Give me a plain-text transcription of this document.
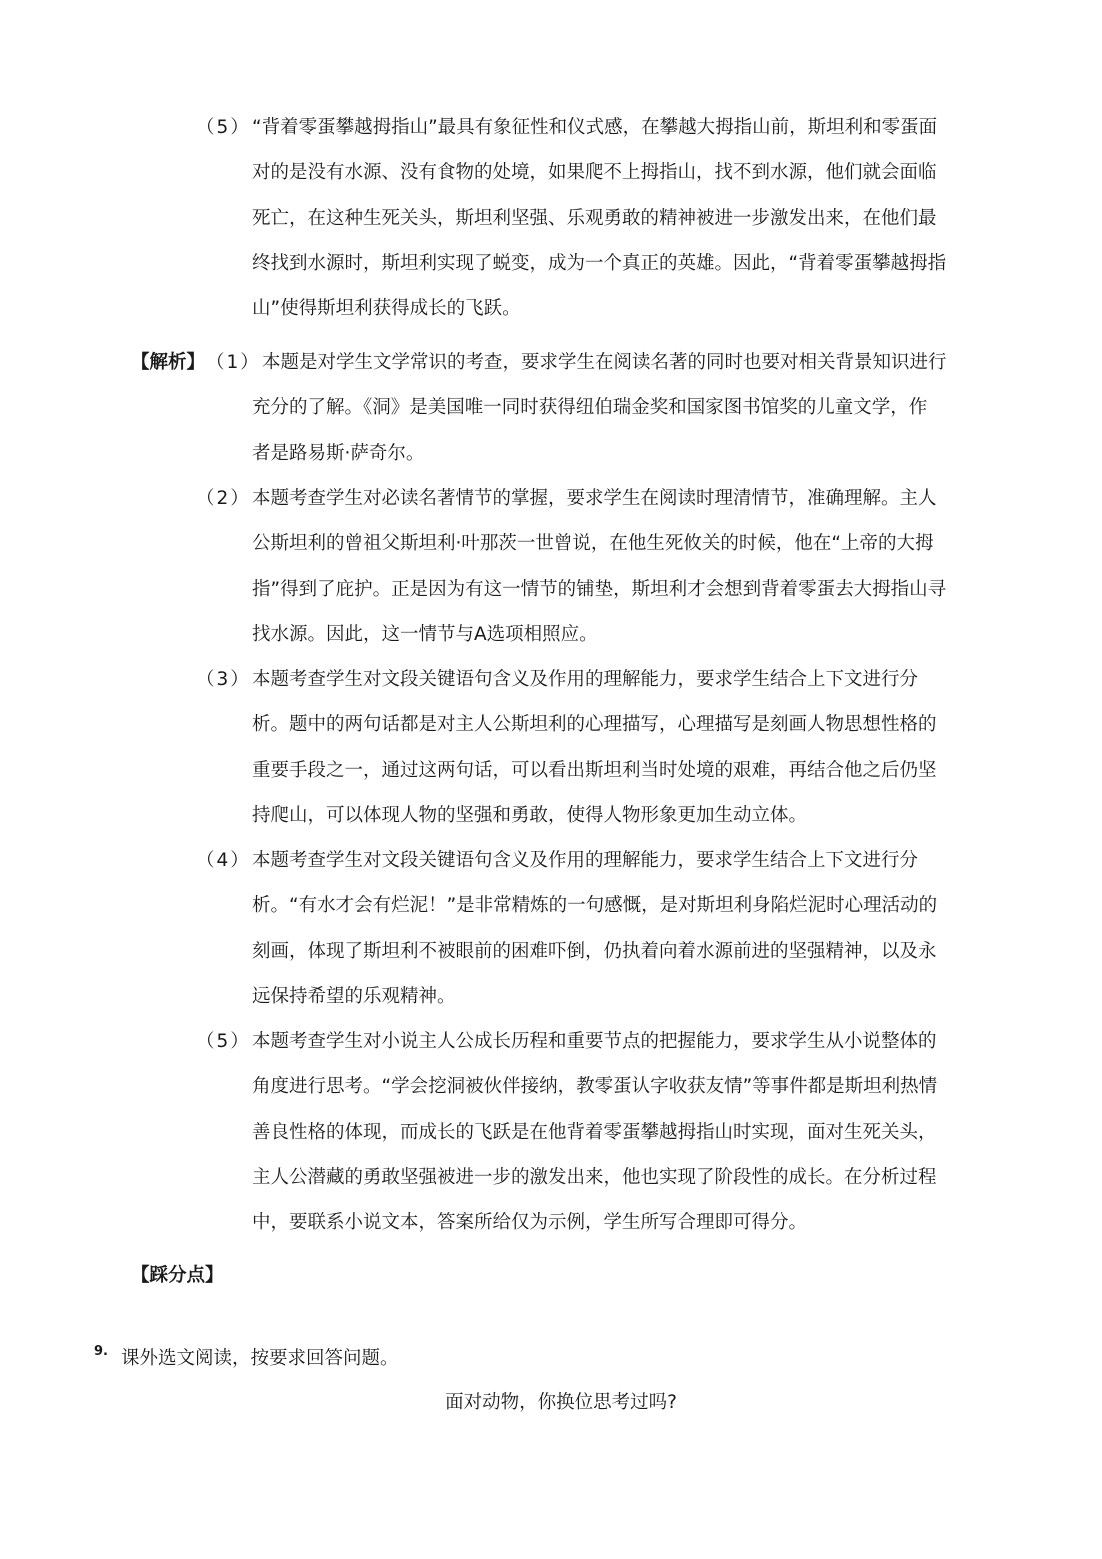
（5） “背着零蛋攀越拇指山”最具有象征性和仪式感，在攀越大拇指山前，斯坦利和零蛋面
对的是没有水源、没有食物的处境，如果爬不上拇指山，找不到水源，他们就会面临
死亡，在这种生死关头，斯坦利坚强、乐观勇敢的精神被进一步激发出来，在他们最
终找到水源时，斯坦利实现了蜕变，成为一个真正的英雄。因此，“背着零蛋攀越拇指
山”使得斯坦利获得成长的飞跃。
【解析】 （1） 本题是对学生文学常识的考查，要求学生在阅读名著的同时也要对相关背景知识进行
充分的了解。《洞》是美国唯一同时获得纽伯瑞金奖和国家图书馆奖的儿童文学，作
者是路易斯·萨奇尔。
（2） 本题考查学生对必读名著情节的掌握，要求学生在阅读时理清情节，准确理解。主人
公斯坦利的曾祖父斯坦利·叶那茨一世曾说，在他生死攸关的时候，他在“上帝的大拇
指”得到了庇护。正是因为有这一情节的铺垫，斯坦利才会想到背着零蛋去大拇指山寻
找水源。因此，这一情节与A选项相照应。
（3） 本题考查学生对文段关键语句含义及作用的理解能力，要求学生结合上下文进行分
析。题中的两句话都是对主人公斯坦利的心理描写，心理描写是刻画人物思想性格的
重要手段之一，通过这两句话，可以看出斯坦利当时处境的艰难，再结合他之后仍坚
持爬山，可以体现人物的坚强和勇敢，使得人物形象更加生动立体。
（4） 本题考查学生对文段关键语句含义及作用的理解能力，要求学生结合上下文进行分
析。“有水才会有烂泥！”是非常精炼的一句感慨，是对斯坦利身陷烂泥时心理活动的
刻画，体现了斯坦利不被眼前的困难吓倒，仍执着向着水源前进的坚强精神，以及永
远保持希望的乐观精神。
（5） 本题考查学生对小说主人公成长历程和重要节点的把握能力，要求学生从小说整体的
角度进行思考。“学会挖洞被伙伴接纳，教零蛋认字收获友情”等事件都是斯坦利热情
善良性格的体现，而成长的飞跃是在他背着零蛋攀越拇指山时实现，面对生死关头，
主人公潜藏的勇敢坚强被进一步的激发出来，他也实现了阶段性的成长。在分析过程
中，要联系小说文本，答案所给仅为示例，学生所写合理即可得分。
【踩分点】
9. 课外选文阅读，按要求回答问题。
面对动物，你换位思考过吗?
